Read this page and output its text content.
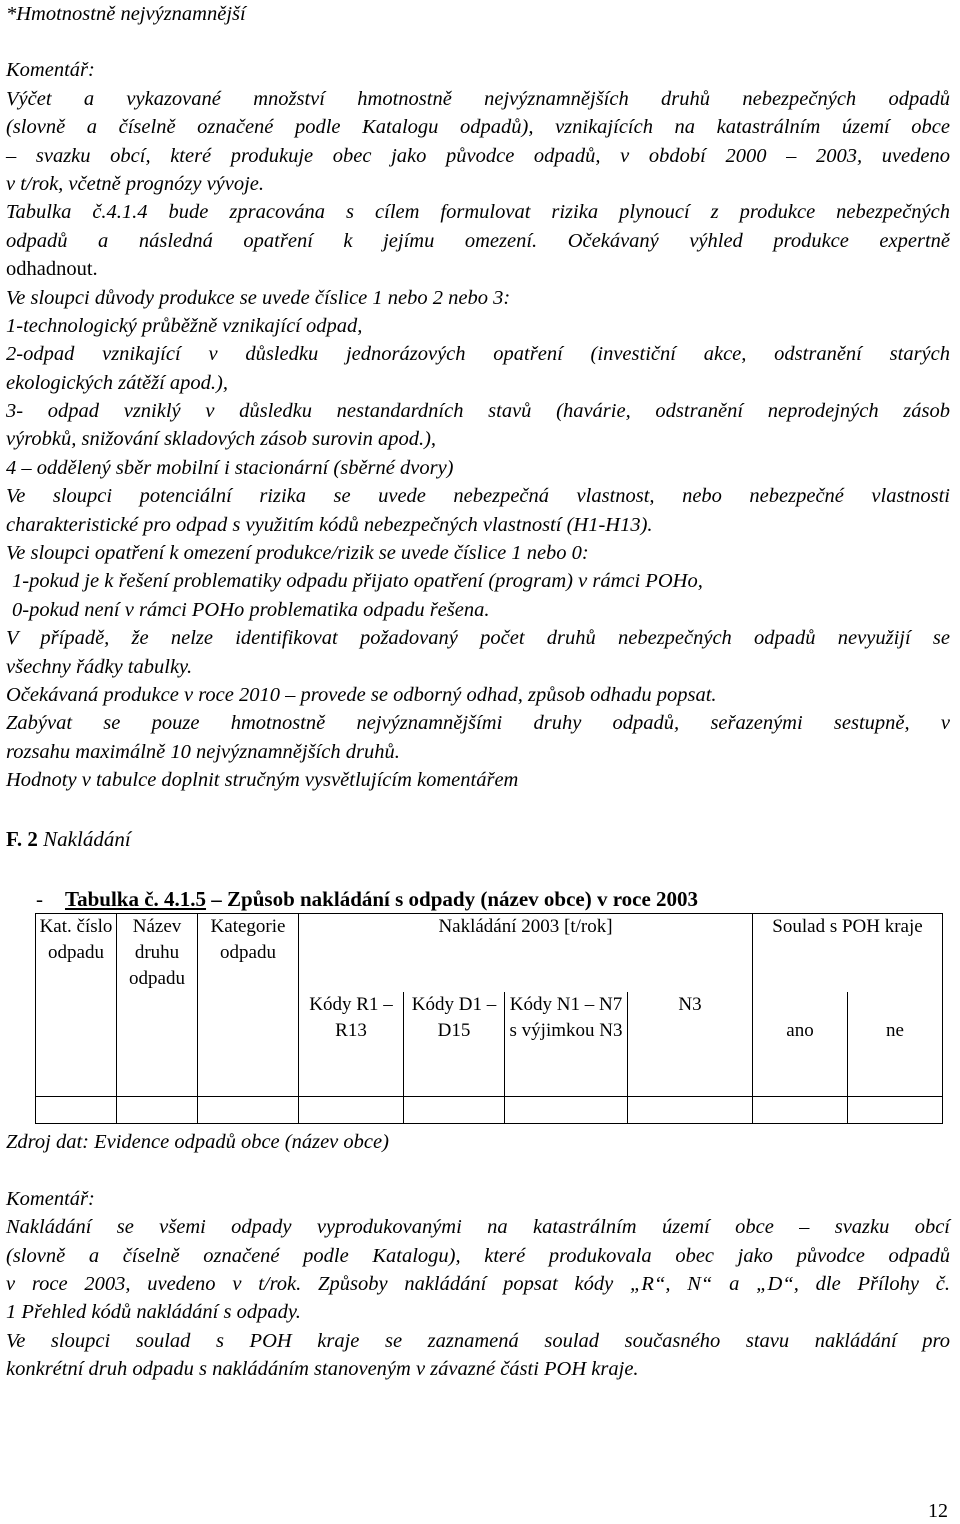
*Hmotnostně nejvýznamnější
Komentář:
Výčet a vykazované množství hmotnostně nejvýznamnějších druhů nebezpečných odpadů
(slovně a číselně označené podle Katalogu odpadů), vznikajících na katastrálním území obce
– svazku obcí, které produkuje obec jako původce odpadů, v období 2000 – 2003, uvedeno
v t/rok, včetně prognózy vývoje.
Tabulka č.4.1.4 bude zpracována s cílem formulovat rizika plynoucí z produkce nebezpečných
odpadů a následná opatření k jejímu omezení. Očekávaný výhled produkce expertně
odhadnout.
Ve sloupci důvody produkce se uvede číslice 1 nebo 2 nebo 3:
1-technologický průběžně vznikající odpad,
2-odpad vznikající v důsledku jednorázových opatření (investiční akce, odstranění starých
ekologických zátěží apod.),
3- odpad vzniklý v důsledku nestandardních stavů (havárie, odstranění neprodejných zásob
výrobků, snižování skladových zásob surovin apod.),
4 – oddělený sběr mobilní i stacionární (sběrné dvory)
Ve sloupci potenciální rizika se uvede nebezpečná vlastnost, nebo nebezpečné vlastnosti
charakteristické pro odpad s využitím kódů nebezpečných vlastností (H1-H13).
Ve sloupci opatření k omezení produkce/rizik se uvede číslice 1 nebo 0:
1-pokud je k řešení problematiky odpadu přijato opatření (program) v rámci POHo,
0-pokud není v rámci POHo problematika odpadu řešena.
V případě, že nelze identifikovat požadovaný počet druhů nebezpečných odpadů nevyužijí se
všechny řádky tabulky.
Očekávaná produkce v roce 2010 – provede se odborný odhad, způsob odhadu popsat.
Zabývat se pouze hmotnostně nejvýznamnějšími druhy odpadů, seřazenými sestupně, v
rozsahu maximálně 10 nejvýznamnějších druhů.
Hodnoty v tabulce doplnit stručným vysvětlujícím komentářem
F. 2 Nakládání
- Tabulka č. 4.1.5 – Způsob nakládání s odpady (název obce) v roce 2003
Kat. číslo odpadu	Název druhu odpadu	Kategorie odpadu	Nakládání 2003 [t/rok]				Soulad s POH kraje	
			Kódy R1 – R13	Kódy D1 – D15	Kódy N1 – N7 s výjimkou N3	N3	ano	ne

Zdroj dat: Evidence odpadů obce (název obce)
Komentář:
Nakládání se všemi odpady vyprodukovanými na katastrálním území obce – svazku obcí
(slovně a číselně označené podle Katalogu), které produkovala obec jako původce odpadů
v roce 2003, uvedeno v t/rok. Způsoby nakládání popsat kódy „R“, N“ a „D“, dle Přílohy č.
1 Přehled kódů nakládání s odpady.
Ve sloupci soulad s POH kraje se zaznamená soulad současného stavu nakládání pro
konkrétní druh odpadu s nakládáním stanoveným v závazné části POH kraje.
12
